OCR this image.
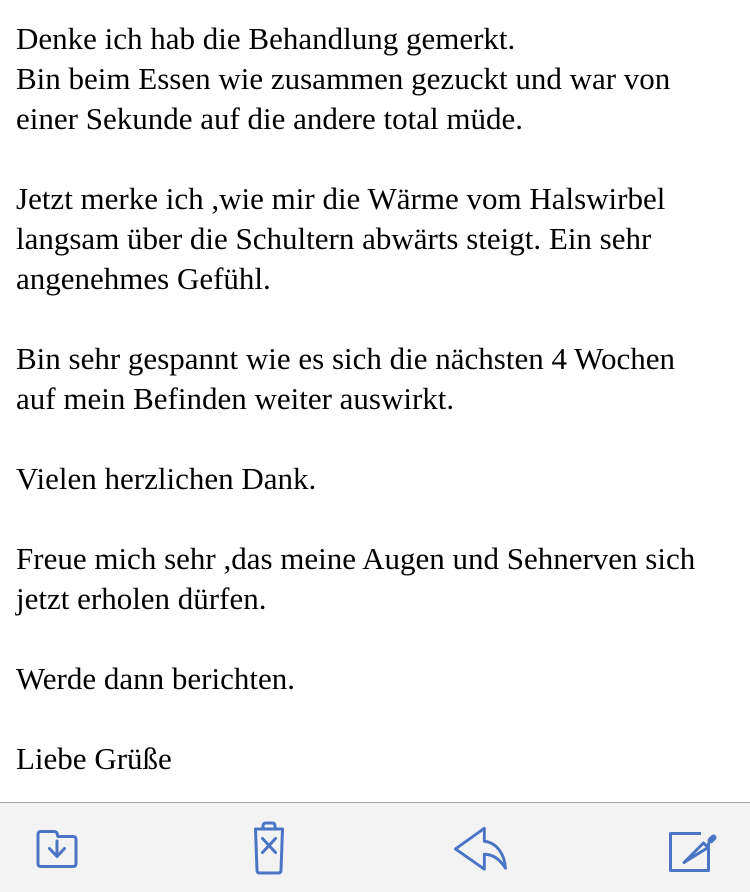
Denke ich hab die Behandlung gemerkt.
Bin beim Essen wie zusammen gezuckt und war von
einer Sekunde auf die andere total müde.
Jetzt merke ich ,wie mir die Wärme vom Halswirbel
langsam über die Schultern abwärts steigt. Ein sehr
angenehmes Gefühl.
Bin sehr gespannt wie es sich die nächsten 4 Wochen
auf mein Befinden weiter auswirkt.
Vielen herzlichen Dank.
Freue mich sehr ,das meine Augen und Sehnerven sich
jetzt erholen dürfen.
Werde dann berichten.
Liebe Grüße
